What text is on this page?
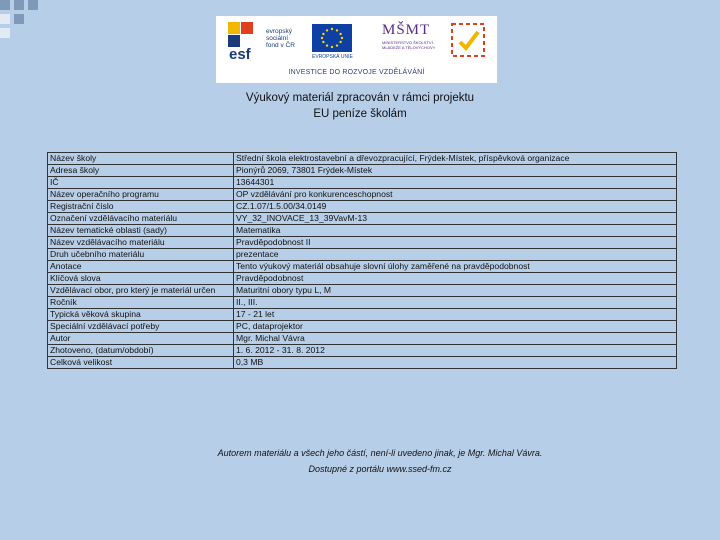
esf
evropský
sociální
fond v ČR
EVROPSKÁ UNIE
MŠMT
MINISTERSTVO ŠKOLSTVÍ,
MLÁDEŽE A TĚLOVÝCHOVY
INVESTICE DO ROZVOJE VZDĚLÁVÁNÍ
Výukový materiál zpracován v rámci projektu
EU peníze školám
Název školy	Střední škola elektrostavební a dřevozpracující, Frýdek-Místek, příspěvková organizace
Adresa školy	Pionýrů 2069, 73801 Frýdek-Místek
IČ	13644301
Název operačního programu	OP vzdělávání pro konkurenceschopnost
Registrační číslo	CZ.1.07/1.5.00/34.0149
Označení vzdělávacího materiálu	VY_32_INOVACE_13_39VavM-13
Název tematické oblasti (sady)	Matematika
Název vzdělávacího materiálu	Pravděpodobnost II
Druh učebního materiálu	prezentace
Anotace	Tento výukový materiál obsahuje slovní úlohy zaměřené na pravděpodobnost
Klíčová slova	Pravděpodobnost
Vzdělávací obor, pro který je materiál určen	Maturitní obory typu L, M
Ročník	II., III.
Typická věková skupina	17 - 21 let
Speciální vzdělávací potřeby	PC, dataprojektor
Autor	Mgr. Michal Vávra
Zhotoveno, (datum/období)	1. 6. 2012 - 31. 8. 2012
Celková velikost	0,3 MB
Autorem materiálu a všech jeho částí, není-li uvedeno jinak, je Mgr. Michal Vávra.
Dostupné z portálu www.ssed-fm.cz
